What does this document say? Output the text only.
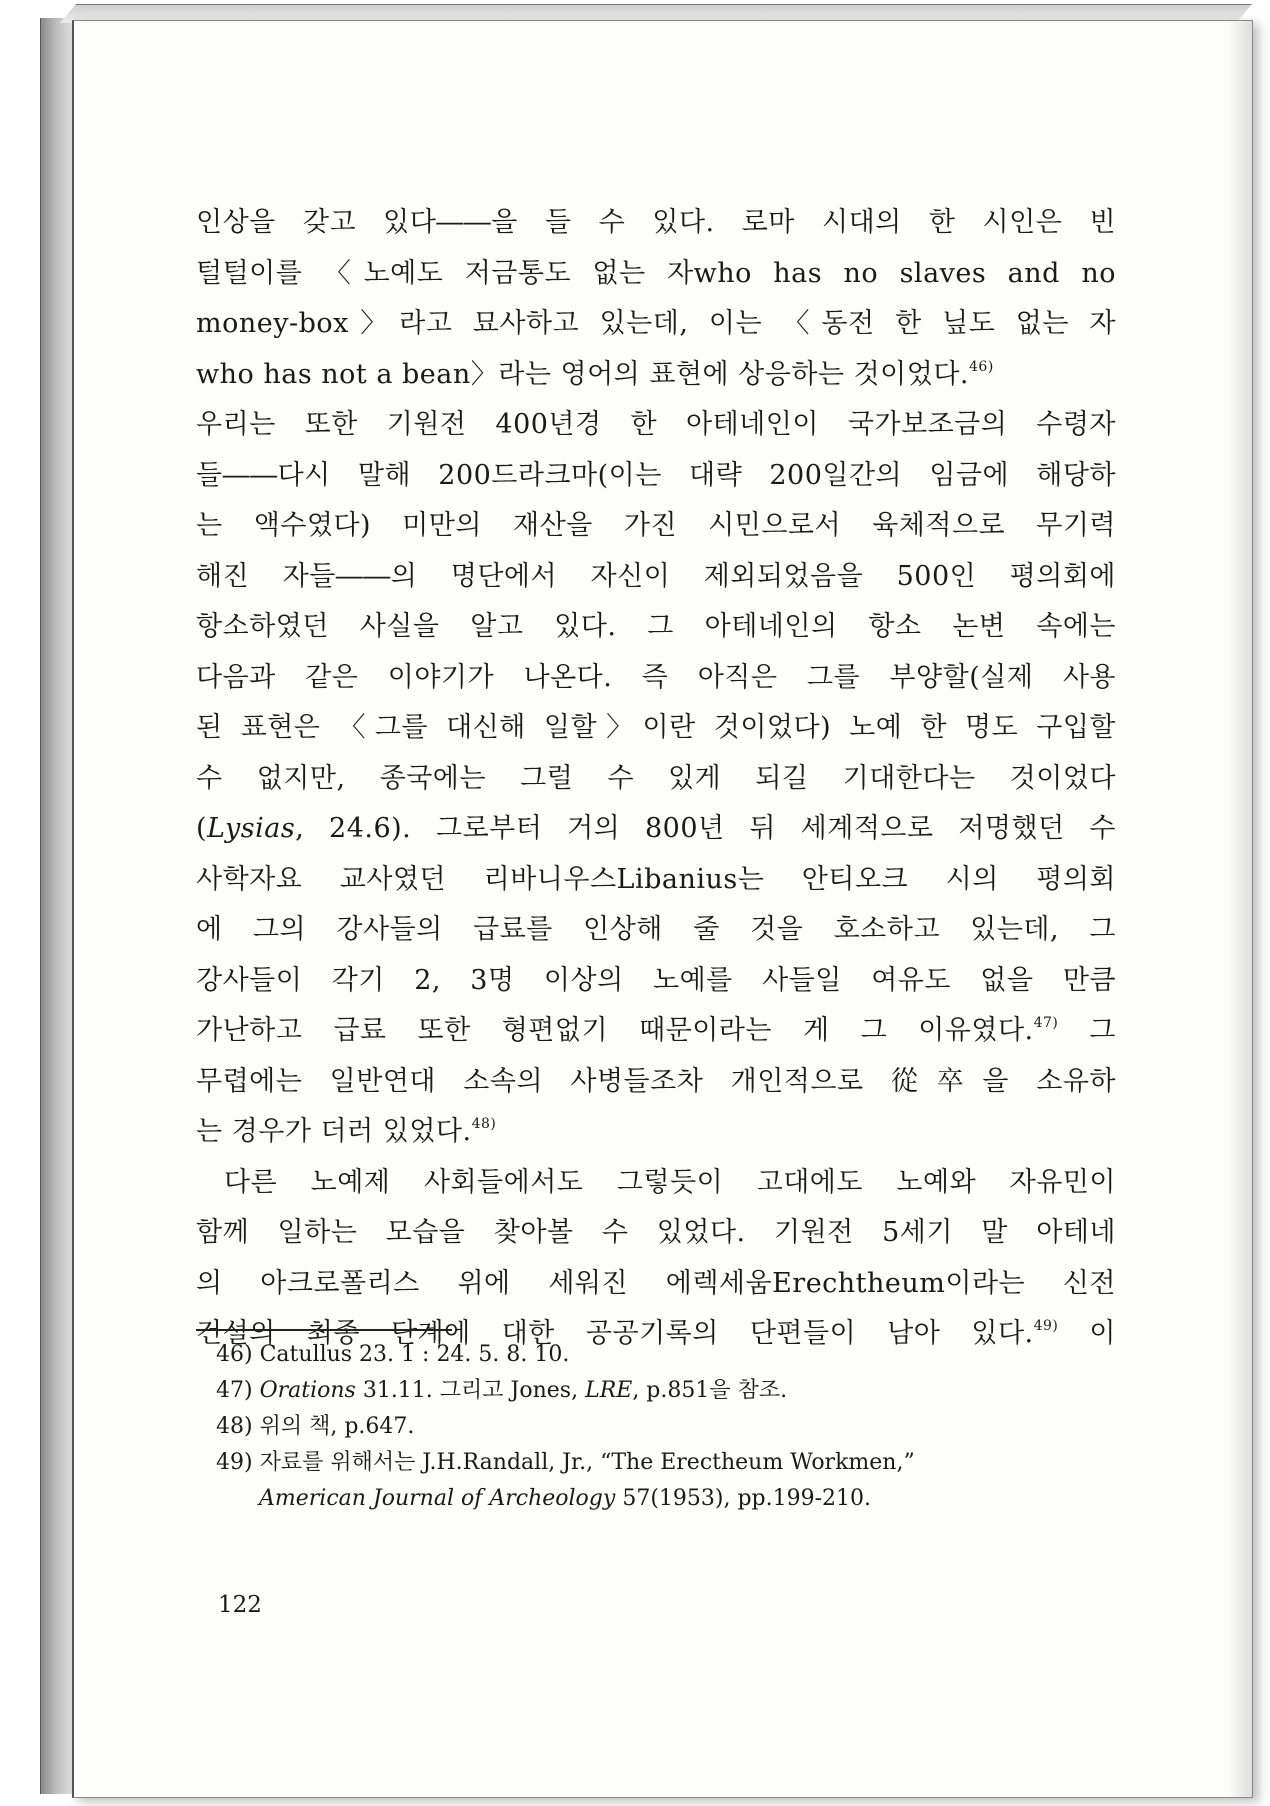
인상을 갖고 있다――을 들 수 있다. 로마 시대의 한 시인은 빈
털털이를 〈노예도 저금통도 없는 자who has no slaves and no
money-box〉라고 묘사하고 있는데, 이는 〈동전 한 닢도 없는 자
who has not a bean〉라는 영어의 표현에 상응하는 것이었다.$^{46)}$
우리는 또한 기원전 400년경 한 아테네인이 국가보조금의 수령자
들――다시 말해 200드라크마(이는 대략 200일간의 임금에 해당하
는 액수였다) 미만의 재산을 가진 시민으로서 육체적으로 무기력
해진 자들――의 명단에서 자신이 제외되었음을 500인 평의회에
항소하였던 사실을 알고 있다. 그 아테네인의 항소 논변 속에는
다음과 같은 이야기가 나온다. 즉 아직은 그를 부양할(실제 사용
된 표현은 〈그를 대신해 일할〉이란 것이었다) 노예 한 명도 구입할
수 없지만, 종국에는 그럴 수 있게 되길 기대한다는 것이었다
(Lysias, 24.6). 그로부터 거의 800년 뒤 세계적으로 저명했던 수
사학자요 교사였던 리바니우스Libanius는 안티오크 시의 평의회
에 그의 강사들의 급료를 인상해 줄 것을 호소하고 있는데, 그
강사들이 각기 2, 3명 이상의 노예를 사들일 여유도 없을 만큼
가난하고 급료 또한 형편없기 때문이라는 게 그 이유였다.$^{47)}$ 그
무렵에는 일반연대 소속의 사병들조차 개인적으로 從卒을 소유하
는 경우가 더러 있었다.$^{48)}$
다른 노예제 사회들에서도 그렇듯이 고대에도 노예와 자유민이
함께 일하는 모습을 찾아볼 수 있었다. 기원전 5세기 말 아테네
의 아크로폴리스 위에 세워진 에렉세움Erechtheum이라는 신전
건설의 최종 단계에 대한 공공기록의 단편들이 남아 있다.$^{49)}$ 이
46) Catullus 23. 1 : 24. 5. 8. 10.
47) Orations 31.11. 그리고 Jones, LRE, p.851을 참조.
48) 위의 책, p.647.
49) 자료를 위해서는 J.H.Randall, Jr., “The Erectheum Workmen,”
American Journal of Archeology 57(1953), pp.199-210.
122
